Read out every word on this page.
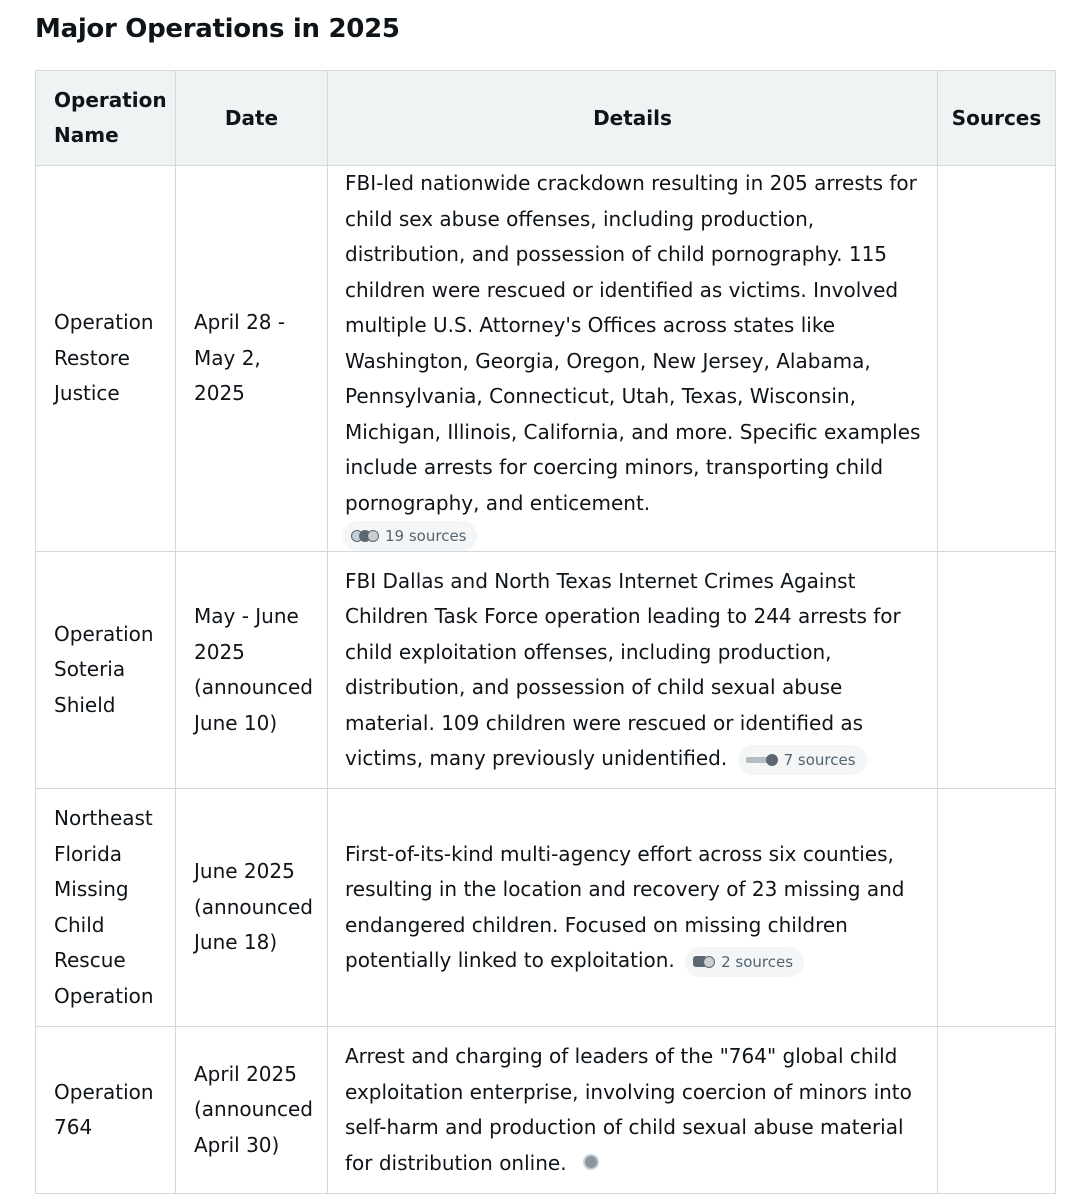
Major Operations in 2025
Operation Name	Date	Details	Sources
Operation Restore Justice	April 28 - May 2, 2025	FBI-led nationwide crackdown resulting in 205 arrests for child sex abuse offenses, including production, distribution, and possession of child pornography. 115 children were rescued or identified as victims. Involved multiple U.S. Attorney's Offices across states like Washington, Georgia, Oregon, New Jersey, Alabama, Pennsylvania, Connecticut, Utah, Texas, Wisconsin, Michigan, Illinois, California, and more. Specific examples include arrests for coercing minors, transporting child pornography, and enticement.
19 sources	

Operation Soteria Shield	May - June 2025 (announced June 10)	FBI Dallas and North Texas Internet Crimes Against Children Task Force operation leading to 244 arrests for child exploitation offenses, including production, distribution, and possession of child sexual abuse material. 109 children were rescued or identified as victims, many previously unidentified. 7 sources	

Northeast Florida Missing Child Rescue Operation	June 2025 (announced June 18)	First-of-its-kind multi-agency effort across six counties, resulting in the location and recovery of 23 missing and endangered children. Focused on missing children potentially linked to exploitation. 2 sources	

Operation 764	April 2025 (announced April 30)	Arrest and charging of leaders of the "764" global child exploitation enterprise, involving coercion of minors into self-harm and production of child sexual abuse material for distribution online.	
